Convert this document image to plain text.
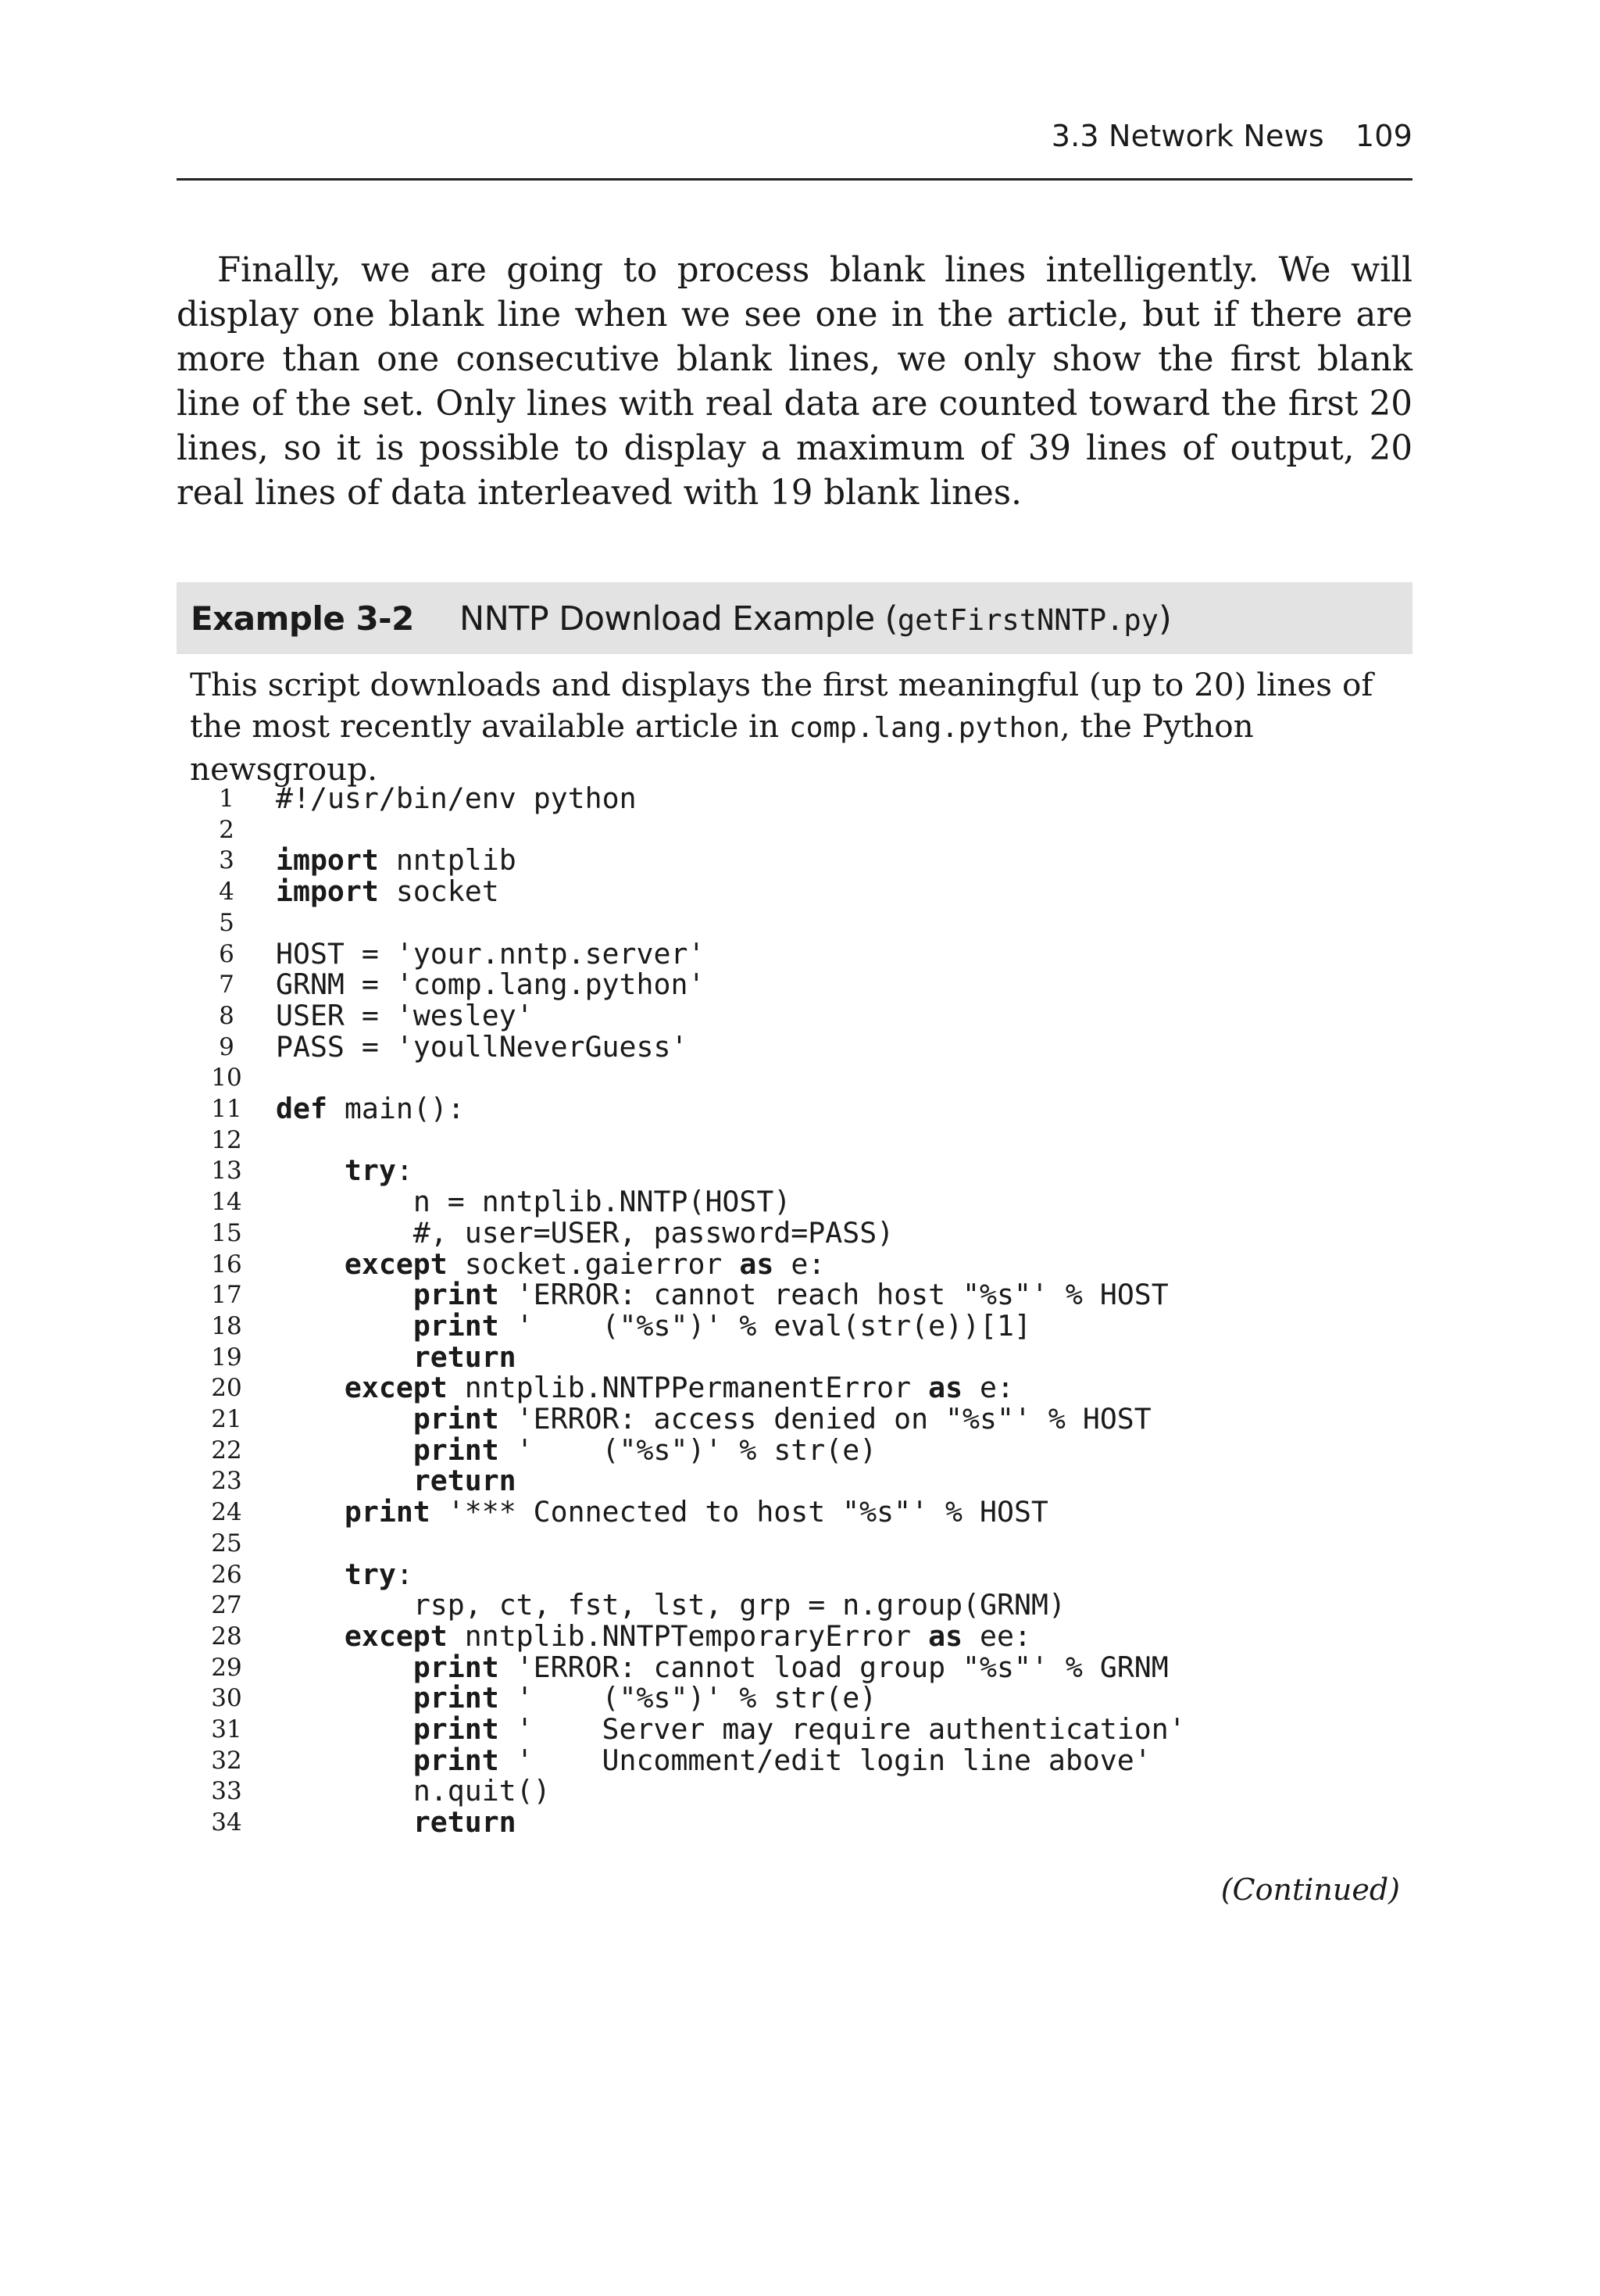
3.3 Network News 109

Finally, we are going to process blank lines intelligently. We will display one blank line when we see one in the article, but if there are more than one consecutive blank lines, we only show the first blank line of the set. Only lines with real data are counted toward the first 20 lines, so it is possible to display a maximum of 39 lines of output, 20 real lines of data interleaved with 19 blank lines.

Example 3-2 NNTP Download Example (getFirstNNTP.py)

This script downloads and displays the first meaningful (up to 20) lines of the most recently available article in comp.lang.python, the Python newsgroup.

1	#!/usr/bin/env python
2
3	import nntplib
4	import socket
5
6	HOST = 'your.nntp.server'
7	GRNM = 'comp.lang.python'
8	USER = 'wesley'
9	PASS = 'youllNeverGuess'
10
11 def main():
12
13	try:
14	n = nntplib.NNTP(HOST)
15 #, user=USER, password=PASS)
16	except socket.gaierror as e:
17	print 'ERROR: cannot reach host "%s"' % HOST
18	print '    ("%s")' % eval(str(e))[1]
19	return
20	except nntplib.NNTPPermanentError as e:
21	print 'ERROR: access denied on "%s"' % HOST
22	print '    ("%s")' % str(e)
23	return
24	print '*** Connected to host "%s"' % HOST
25
26	try:
27	rsp, ct, fst, lst, grp = n.group(GRNM)
28	except nntplib.NNTPTemporaryError as ee:
29	print 'ERROR: cannot load group "%s"' % GRNM
30	print '    ("%s")' % str(e)
31	print '    Server may require authentication'
32	print '    Uncomment/edit login line above'
33	n.quit()
34	return
(Continued)
